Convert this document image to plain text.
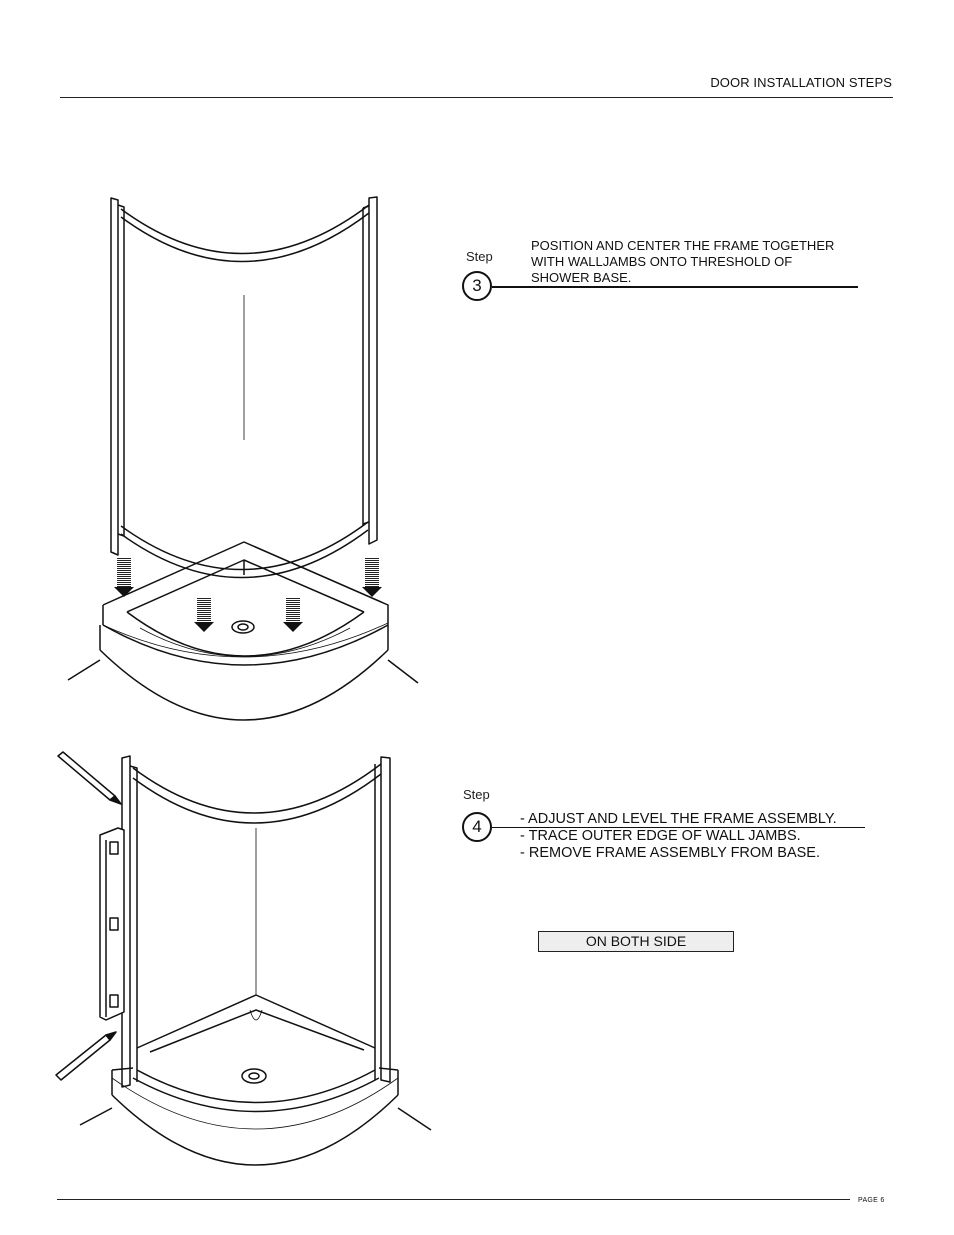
DOOR INSTALLATION STEPS
PAGE 6
Step
3
POSITION AND CENTER THE FRAME TOGETHER
WITH WALLJAMBS ONTO THRESHOLD OF
SHOWER BASE.
Step
4	- ADJUST AND LEVEL THE FRAME ASSEMBLY.
- TRACE OUTER EDGE OF WALL JAMBS.
- REMOVE FRAME ASSEMBLY FROM BASE.
ON BOTH SIDE
